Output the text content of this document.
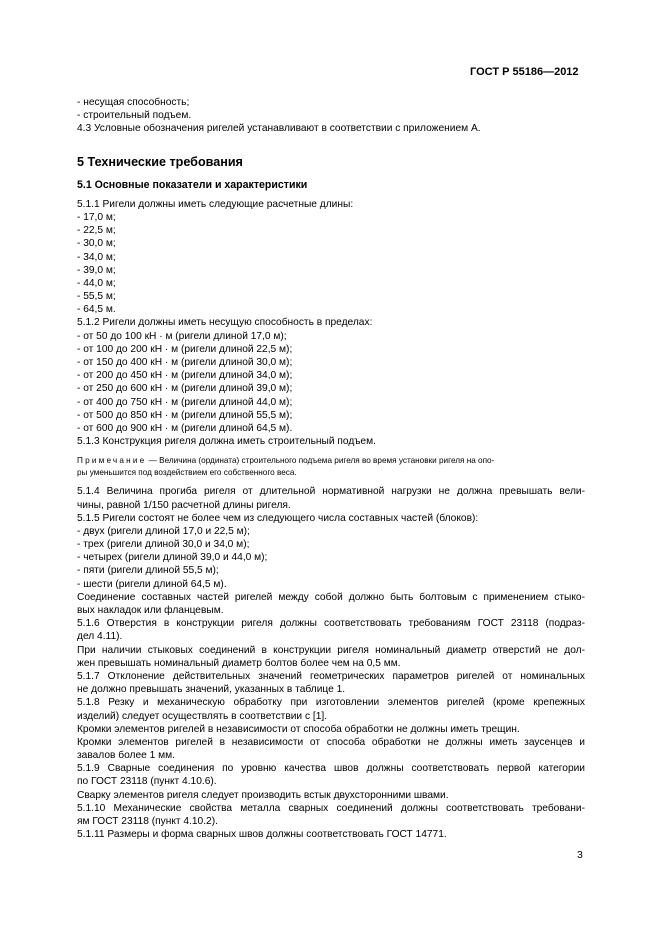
ГОСТ Р 55186—2012
- несущая способность;
- строительный подъем.
4.3 Условные обозначения ригелей устанавливают в соответствии с приложением А.
5 Технические требования
5.1 Основные показатели и характеристики
5.1.1 Ригели должны иметь следующие расчетные длины:
- 17,0 м;
- 22,5 м;
- 30,0 м;
- 34,0 м;
- 39,0 м;
- 44,0 м;
- 55,5 м;
- 64,5 м.
5.1.2 Ригели должны иметь несущую способность в пределах:
- от 50 до 100 кН · м (ригели длиной 17,0 м);
- от 100 до 200 кН · м (ригели длиной 22,5 м);
- от 150 до 400 кН · м (ригели длиной 30,0 м);
- от 200 до 450 кН · м (ригели длиной 34,0 м);
- от 250 до 600 кН · м (ригели длиной 39,0 м);
- от 400 до 750 кН · м (ригели длиной 44,0 м);
- от 500 до 850 кН · м (ригели длиной 55,5 м);
- от 600 до 900 кН · м (ригели длиной 64,5 м).
5.1.3 Конструкция ригеля должна иметь строительный подъем.
Примечание — Величина (ордината) строительного подъема ригеля во время установки ригеля на опо-
ры уменьшится под воздействием его собственного веса.
5.1.4 Величина прогиба ригеля от длительной нормативной нагрузки не должна превышать вели-
чины, равной 1/150 расчетной длины ригеля.
5.1.5 Ригели состоят не более чем из следующего числа составных частей (блоков):
- двух (ригели длиной 17,0 и 22,5 м);
- трех (ригели длиной 30,0 и 34,0 м);
- четырех (ригели длиной 39,0 и 44,0 м);
- пяти (ригели длиной 55,5 м);
- шести (ригели длиной 64,5 м).
Соединение составных частей ригелей между собой должно быть болтовым с применением стыко-
вых накладок или фланцевым.
5.1.6 Отверстия в конструкции ригеля должны соответствовать требованиям ГОСТ 23118 (подраз-
дел 4.11).
При наличии стыковых соединений в конструкции ригеля номинальный диаметр отверстий не дол-
жен превышать номинальный диаметр болтов более чем на 0,5 мм.
5.1.7 Отклонение действительных значений геометрических параметров ригелей от номинальных
не должно превышать значений, указанных в таблице 1.
5.1.8 Резку и механическую обработку при изготовлении элементов ригелей (кроме крепежных
изделий) следует осуществлять в соответствии с [1].
Кромки элементов ригелей в независимости от способа обработки не должны иметь трещин.
Кромки элементов ригелей в независимости от способа обработки не должны иметь заусенцев и
завалов более 1 мм.
5.1.9 Сварные соединения по уровню качества швов должны соответствовать первой категории
по ГОСТ 23118 (пункт 4.10.6).
Сварку элементов ригеля следует производить встык двухсторонними швами.
5.1.10 Механические свойства металла сварных соединений должны соответствовать требовани-
ям ГОСТ 23118 (пункт 4.10.2).
5.1.11 Размеры и форма сварных швов должны соответствовать ГОСТ 14771.
3
